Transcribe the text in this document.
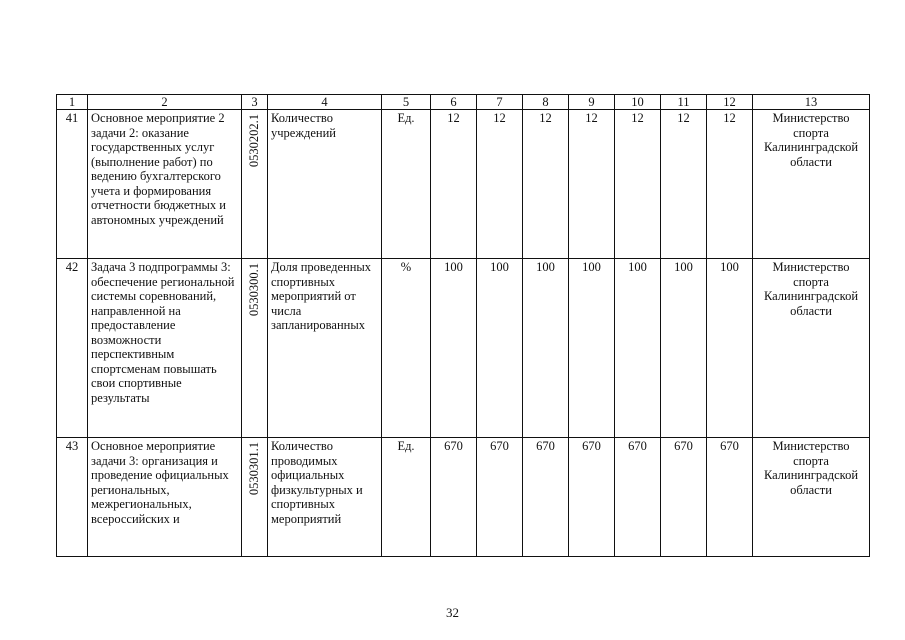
1	2	3	4	5	6	7	8	9	10	11	12	13
41	Основное мероприятие 2 задачи 2: оказание государственных услуг (выполнение работ) по ведению бухгалтерского учета и формирования отчетности бюджетных и автономных учреждений	0530202.1	Количество учреждений	Ед.	12	12	12	12	12	12	12	Министерство спорта Калининградской области
42	Задача 3 подпрограммы 3: обеспечение региональной системы соревнований, направленной на предоставление возможности перспективным спортсменам повышать свои спортивные результаты	0530300.1	Доля проведенных спортивных мероприятий от числа запланированных	%	100	100	100	100	100	100	100	Министерство спорта Калининградской области
43	Основное мероприятие задачи 3: организация и проведение официальных региональных, межрегиональных, всероссийских и	0530301.1	Количество проводимых официальных физкультурных и спортивных мероприятий	Ед.	670	670	670	670	670	670	670	Министерство спорта Калининградской области
32
